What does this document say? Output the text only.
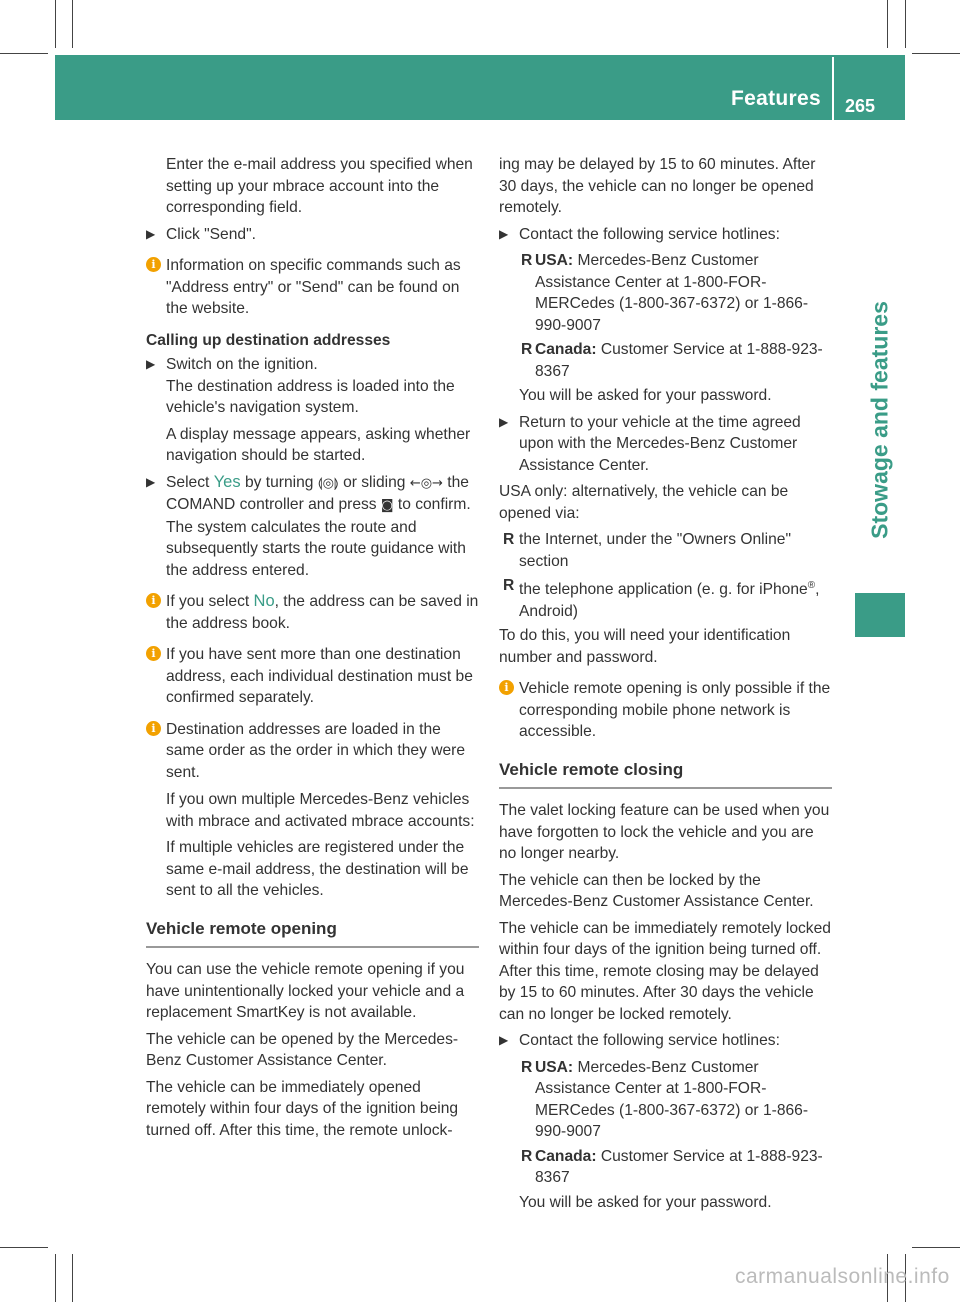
Features 265
Stowage and features

Enter the e-mail address you specified when setting up your mbrace account into the corresponding field.

▶ Click "Send".
i Information on specific commands such as "Address entry" or "Send" can be found on the website.
Calling up destination addresses
▶ Switch on the ignition.
The destination address is loaded into the vehicle's navigation system.

A display message appears, asking whether navigation should be started.

▶ Select Yes by turning ⟬◎⟭ or sliding ←◎→ the COMAND controller and press ◙ to confirm.
The system calculates the route and subsequently starts the route guidance with the address entered.
i If you select No, the address can be saved in the address book.
i If you have sent more than one destination address, each individual destination must be confirmed separately.
i Destination addresses are loaded in the same order as the order in which they were sent.

If you own multiple Mercedes-Benz vehicles with mbrace and activated mbrace accounts:

If multiple vehicles are registered under the same e-mail address, the destination will be sent to all the vehicles.

Vehicle remote opening

You can use the vehicle remote opening if you have unintentionally locked your vehicle and a replacement SmartKey is not available.

The vehicle can be opened by the Mercedes-Benz Customer Assistance Center.

The vehicle can be immediately opened remotely within four days of the ignition being turned off. After this time, the remote unlock-

ing may be delayed by 15 to 60 minutes. After 30 days, the vehicle can no longer be opened remotely.

▶ Contact the following service hotlines:
R USA: Mercedes-Benz Customer Assistance Center at 1-800-FOR-MERCedes (1-800-367-6372) or 1-866-990-9007
R Canada: Customer Service at 1-888-923-8367

You will be asked for your password.

▶ Return to your vehicle at the time agreed upon with the Mercedes-Benz Customer Assistance Center.

USA only: alternatively, the vehicle can be opened via:

R the Internet, under the "Owners Online" section
R the telephone application (e. g. for iPhone®, Android)

To do this, you will need your identification number and password.

i Vehicle remote opening is only possible if the corresponding mobile phone network is accessible.
Vehicle remote closing

The valet locking feature can be used when you have forgotten to lock the vehicle and you are no longer nearby.

The vehicle can then be locked by the Mercedes-Benz Customer Assistance Center.

The vehicle can be immediately remotely locked within four days of the ignition being turned off. After this time, remote closing may be delayed by 15 to 60 minutes. After 30 days the vehicle can no longer be locked remotely.

▶ Contact the following service hotlines:
R USA: Mercedes-Benz Customer Assistance Center at 1-800-FOR-MERCedes (1-800-367-6372) or 1-866-990-9007
R Canada: Customer Service at 1-888-923-8367

You will be asked for your password.

carmanualsonline.info
